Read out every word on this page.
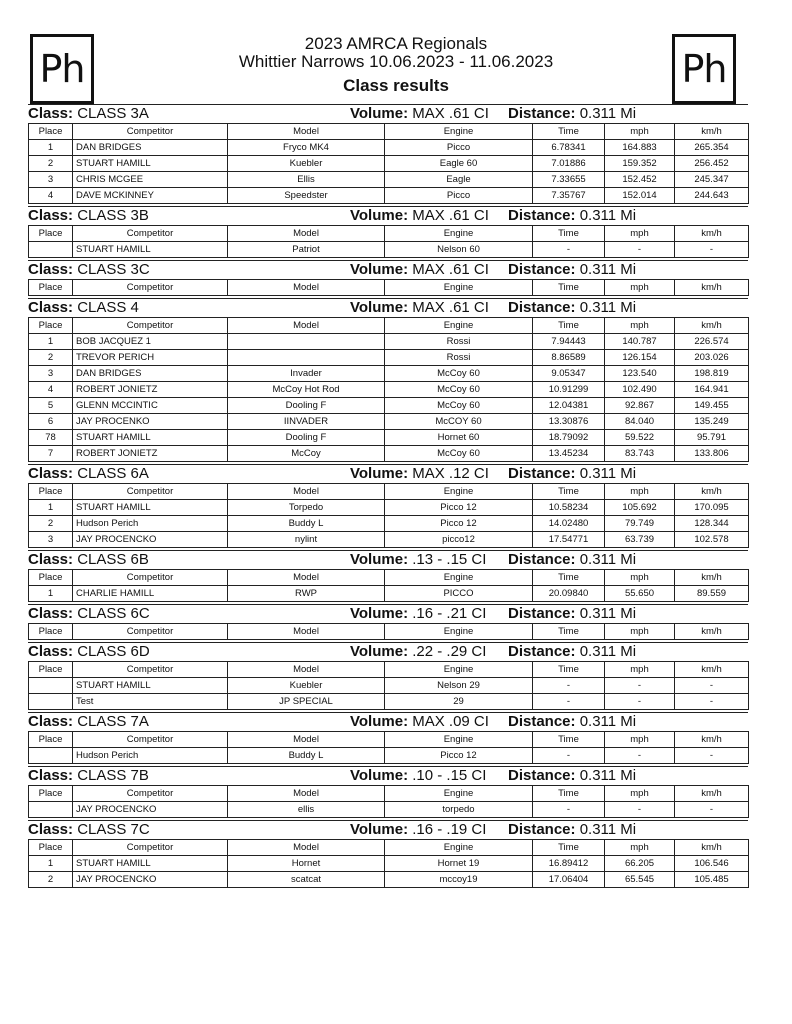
Ph	Ph
2023 AMRCA Regionals
Whittier Narrows 10.06.2023 - 11.06.2023
Class results
Class: CLASS 3A	Volume: MAX .61 CI Distance: 0.311 Mi
Place	Competitor	Model	Engine	Time	mph	km/h
1	DAN BRIDGES	Fryco MK4	Picco	6.78341	164.883	265.354
2	STUART HAMILL	Kuebler	Eagle 60	7.01886	159.352	256.452
3	CHRIS MCGEE	Ellis	Eagle	7.33655	152.452	245.347
4	DAVE MCKINNEY	Speedster	Picco	7.35767	152.014	244.643
Class: CLASS 3B	Volume: MAX .61 CI Distance: 0.311 Mi
Place	Competitor	Model	Engine	Time	mph	km/h
	STUART HAMILL	Patriot	Nelson 60	-	-	-
Class: CLASS 3C	Volume: MAX .61 CI Distance: 0.311 Mi
Place	Competitor	Model	Engine	Time	mph	km/h
Class: CLASS 4	Volume: MAX .61 CI Distance: 0.311 Mi
Place	Competitor	Model	Engine	Time	mph	km/h
1	BOB JACQUEZ 1		Rossi	7.94443	140.787	226.574
2	TREVOR PERICH		Rossi	8.86589	126.154	203.026
3	DAN BRIDGES	Invader	McCoy 60	9.05347	123.540	198.819
4	ROBERT JONIETZ	McCoy Hot Rod	McCoy 60	10.91299	102.490	164.941
5	GLENN MCCINTIC	Dooling F	McCoy 60	12.04381	92.867	149.455
6	JAY PROCENKO	IINVADER	McCOY 60	13.30876	84.040	135.249
78	STUART HAMILL	Dooling F	Hornet 60	18.79092	59.522	95.791
7	ROBERT JONIETZ	McCoy	McCoy 60	13.45234	83.743	133.806
Class: CLASS 6A	Volume: MAX .12 CI Distance: 0.311 Mi
Place	Competitor	Model	Engine	Time	mph	km/h
1	STUART HAMILL	Torpedo	Picco 12	10.58234	105.692	170.095
2	Hudson Perich	Buddy L	Picco 12	14.02480	79.749	128.344
3	JAY PROCENCKO	nylint	picco12	17.54771	63.739	102.578
Class: CLASS 6B	Volume: .13 - .15 CI Distance: 0.311 Mi
Place	Competitor	Model	Engine	Time	mph	km/h
1	CHARLIE HAMILL	RWP	PICCO	20.09840	55.650	89.559
Class: CLASS 6C	Volume: .16 - .21 CI Distance: 0.311 Mi
Place	Competitor	Model	Engine	Time	mph	km/h
Class: CLASS 6D	Volume: .22 - .29 CI Distance: 0.311 Mi
Place	Competitor	Model	Engine	Time	mph	km/h
	STUART HAMILL	Kuebler	Nelson 29	-	-	-
	Test	JP SPECIAL	29	-	-	-
Class: CLASS 7A	Volume: MAX .09 CI Distance: 0.311 Mi
Place	Competitor	Model	Engine	Time	mph	km/h
	Hudson Perich	Buddy L	Picco 12	-	-	-
Class: CLASS 7B	Volume: .10 - .15 CI Distance: 0.311 Mi
Place	Competitor	Model	Engine	Time	mph	km/h
	JAY PROCENCKO	ellis	torpedo	-	-	-
Class: CLASS 7C	Volume: .16 - .19 CI Distance: 0.311 Mi
Place	Competitor	Model	Engine	Time	mph	km/h
1	STUART HAMILL	Hornet	Hornet 19	16.89412	66.205	106.546
2	JAY PROCENCKO	scatcat	mccoy19	17.06404	65.545	105.485
